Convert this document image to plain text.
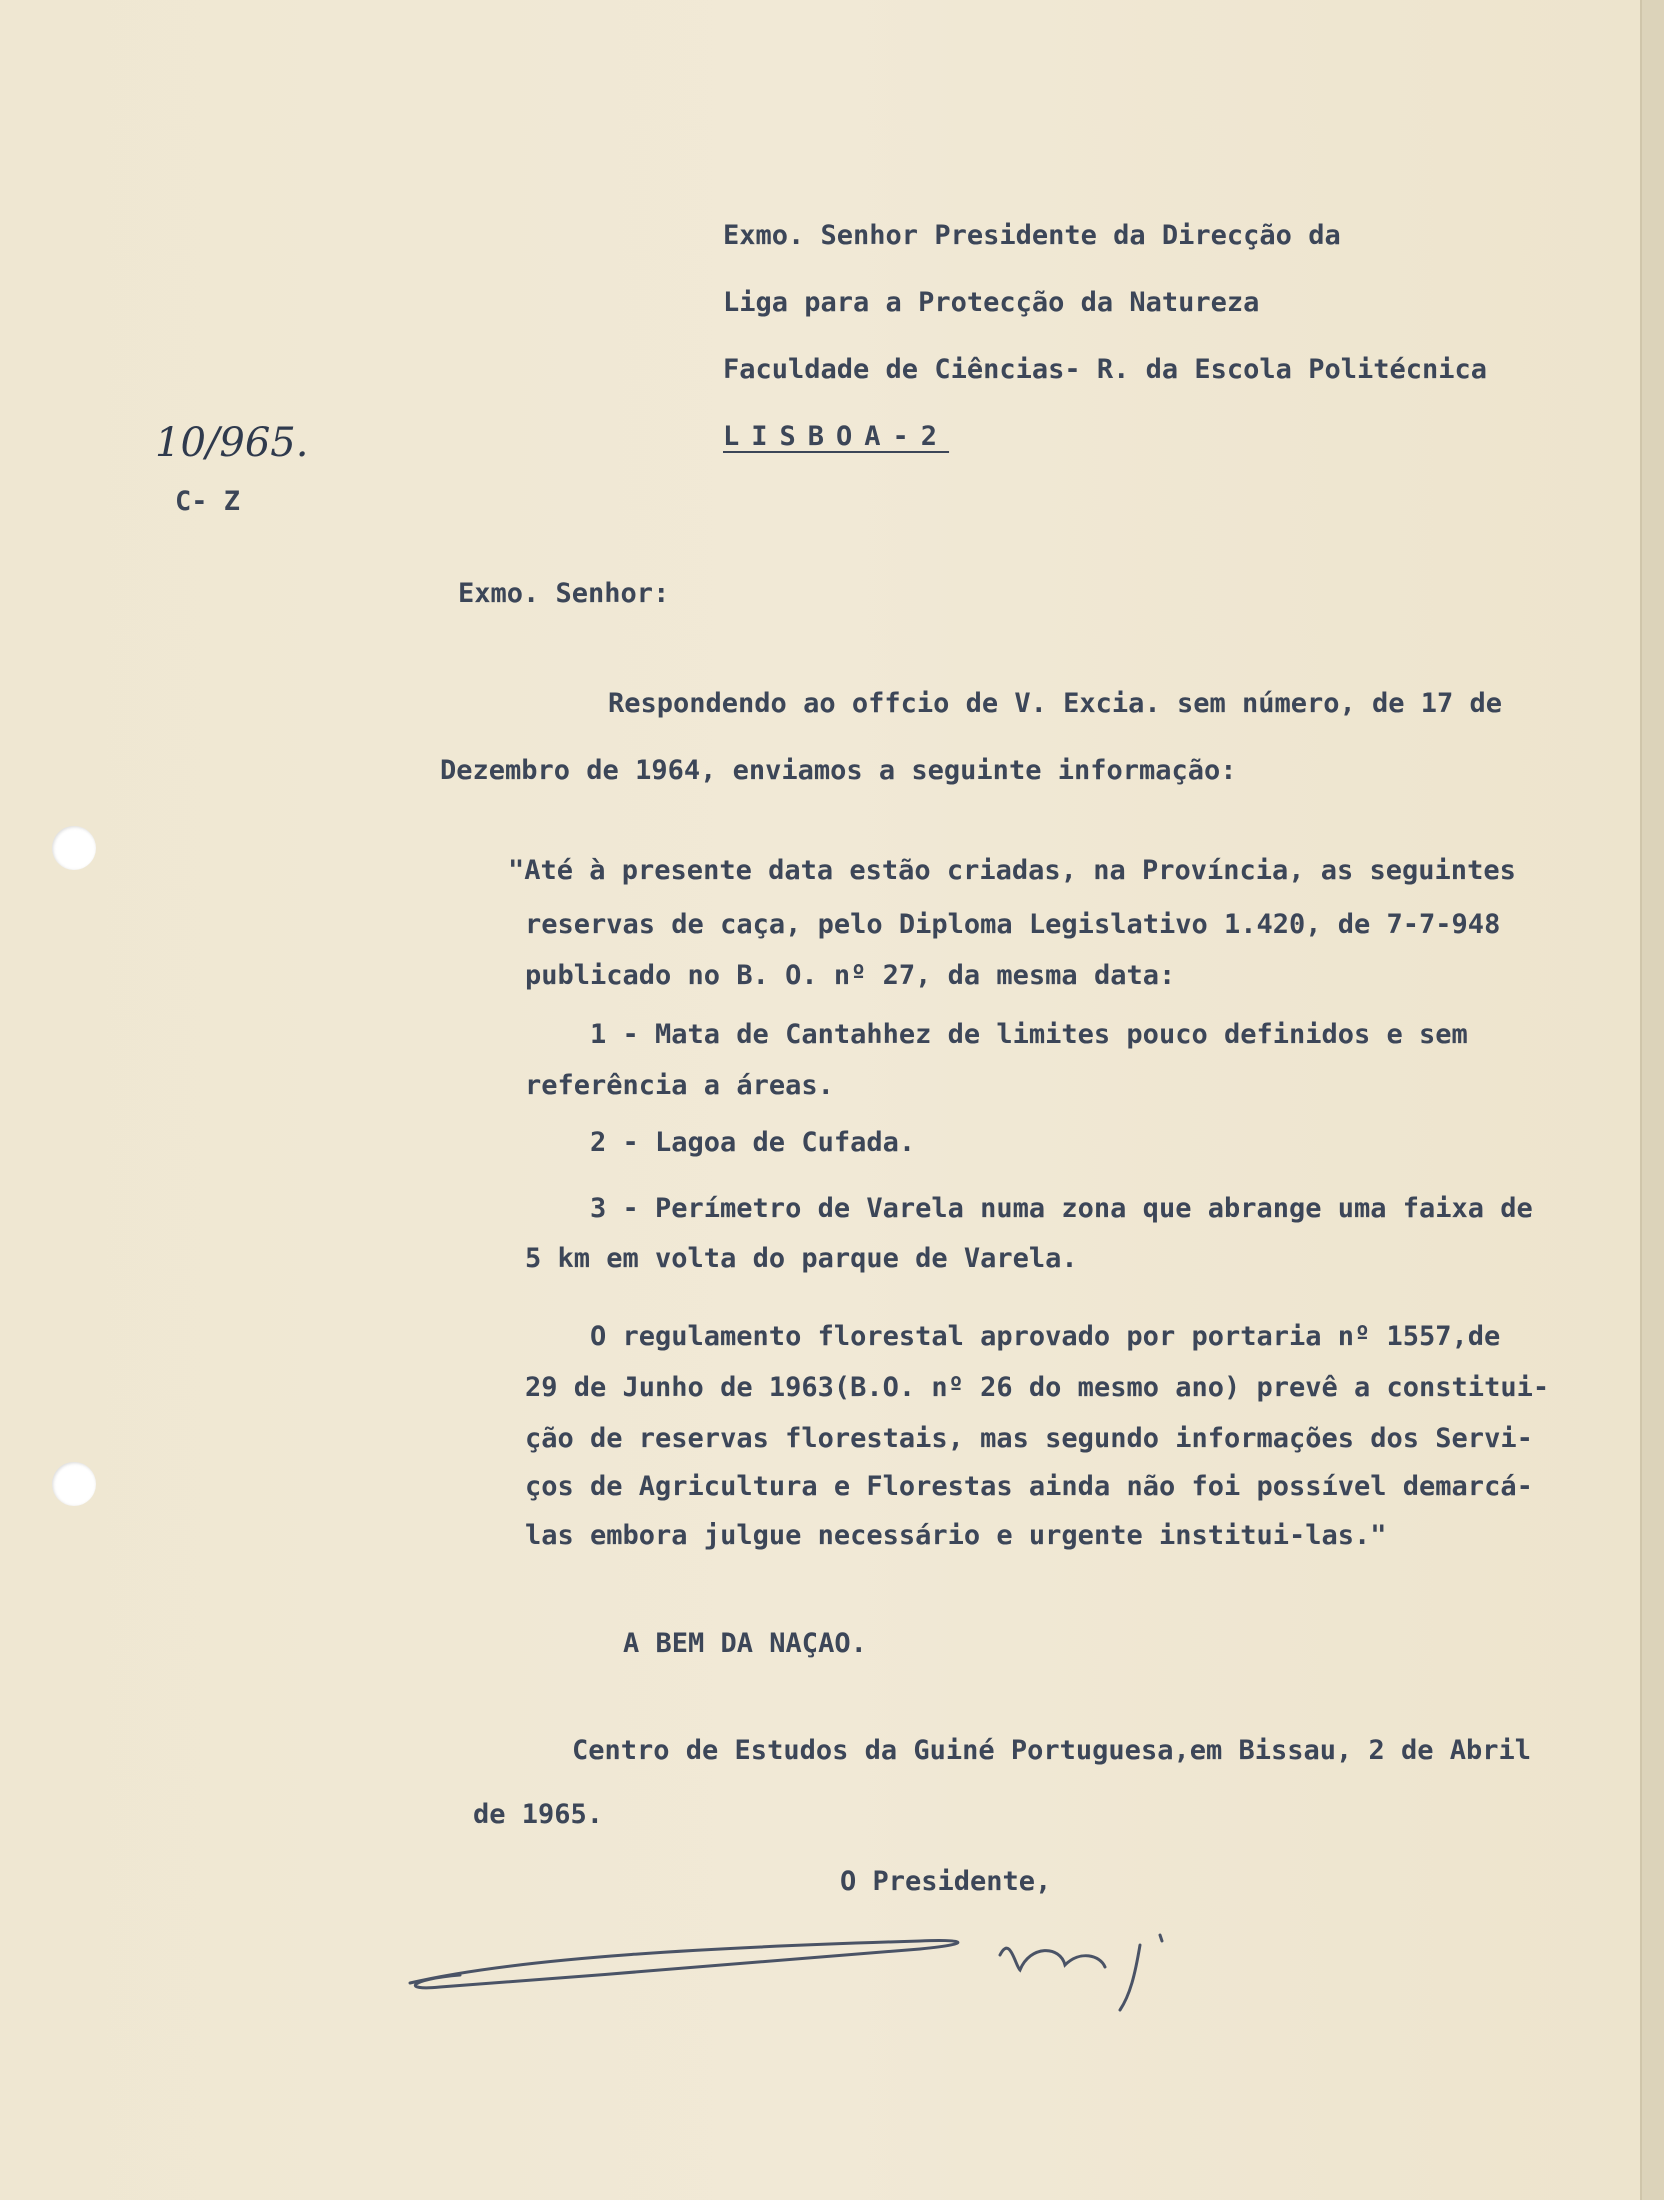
Exmo. Senhor Presidente da Direcção da

Liga para a Protecção da Natureza

Faculdade de Ciências- R. da Escola Politécnica

LISBOA-2

10/965.

C- Z

Exmo. Senhor:

Respondendo ao offcio de V. Excia. sem número, de 17 de

Dezembro de 1964, enviamos a seguinte informação:

"Até à presente data estão criadas, na Província, as seguintes

reservas de caça, pelo Diploma Legislativo 1.420, de 7-7-948

publicado no B. O. nº 27, da mesma data:

1 - Mata de Cantahhez de limites pouco definidos e sem

referência a áreas.

2 - Lagoa de Cufada.

3 - Perímetro de Varela numa zona que abrange uma faixa de

5 km em volta do parque de Varela.

O regulamento florestal aprovado por portaria nº 1557,de

29 de Junho de 1963(B.O. nº 26 do mesmo ano) prevê a constitui-

ção de reservas florestais, mas segundo informações dos Servi-

ços de Agricultura e Florestas ainda não foi possível demarcá-

las embora julgue necessário e urgente institui-las."

A BEM DA NAÇAO.

Centro de Estudos da Guiné Portuguesa,em Bissau, 2 de Abril

de 1965.

O Presidente,
